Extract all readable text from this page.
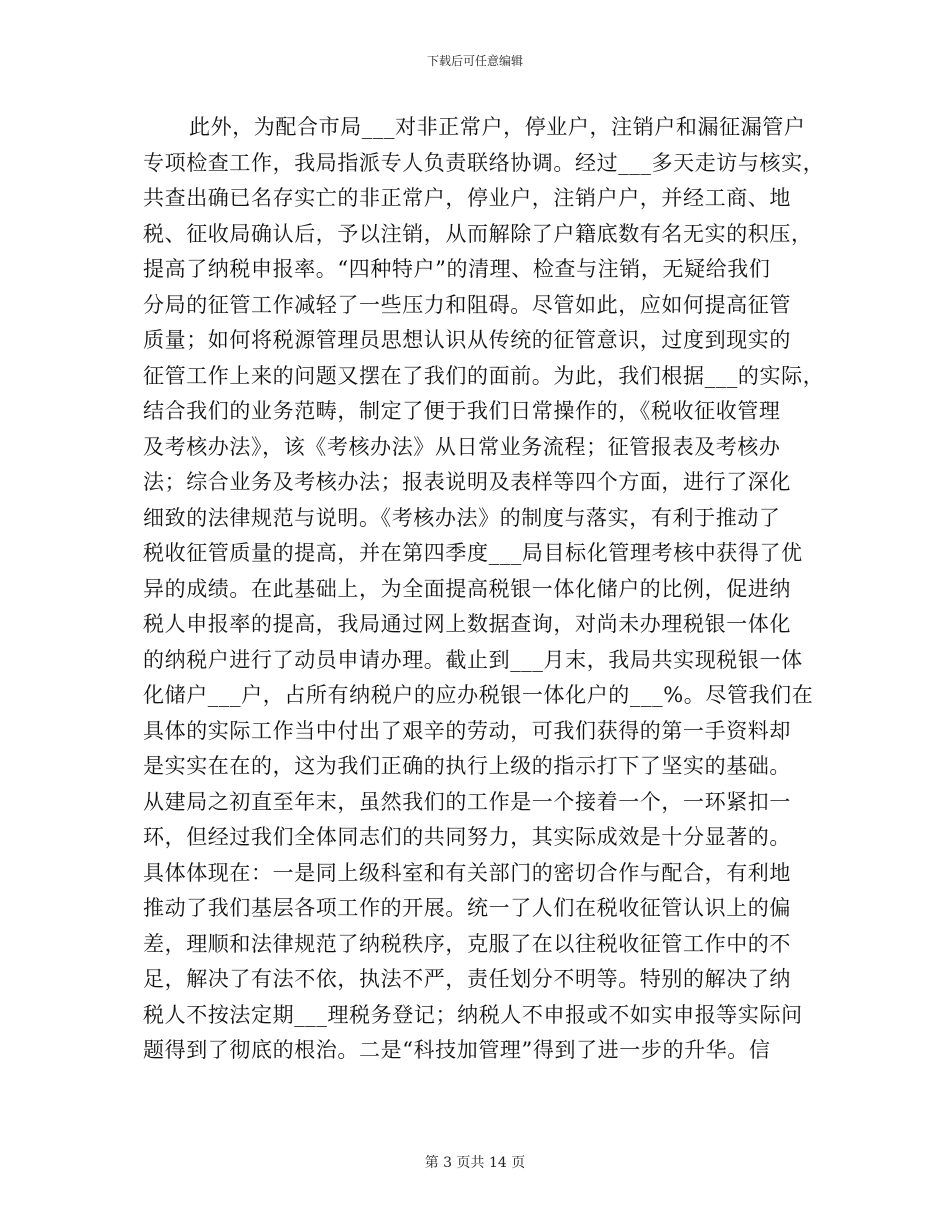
下载后可任意编辑
此外，为配合市局___对非正常户，停业户，注销户和漏征漏管户
专项检查工作，我局指派专人负责联络协调。经过___多天走访与核实，
共查出确已名存实亡的非正常户，停业户，注销户户，并经工商、地
税、征收局确认后，予以注销，从而解除了户籍底数有名无实的积压，
提高了纳税申报率。“四种特户”的清理、检查与注销，无疑给我们
分局的征管工作减轻了一些压力和阻碍。尽管如此，应如何提高征管
质量；如何将税源管理员思想认识从传统的征管意识，过度到现实的
征管工作上来的问题又摆在了我们的面前。为此，我们根据___的实际，
结合我们的业务范畴，制定了便于我们日常操作的，《税收征收管理
及考核办法》，该《考核办法》从日常业务流程；征管报表及考核办
法；综合业务及考核办法；报表说明及表样等四个方面，进行了深化
细致的法律规范与说明。《考核办法》的制度与落实，有利于推动了
税收征管质量的提高，并在第四季度___局目标化管理考核中获得了优
异的成绩。在此基础上，为全面提高税银一体化储户的比例，促进纳
税人申报率的提高，我局通过网上数据查询，对尚未办理税银一体化
的纳税户进行了动员申请办理。截止到___月末，我局共实现税银一体
化储户___户，占所有纳税户的应办税银一体化户的___%。尽管我们在
具体的实际工作当中付出了艰辛的劳动，可我们获得的第一手资料却
是实实在在的，这为我们正确的执行上级的指示打下了坚实的基础。
从建局之初直至年末，虽然我们的工作是一个接着一个，一环紧扣一
环，但经过我们全体同志们的共同努力，其实际成效是十分显著的。
具体体现在：一是同上级科室和有关部门的密切合作与配合，有利地
推动了我们基层各项工作的开展。统一了人们在税收征管认识上的偏
差，理顺和法律规范了纳税秩序，克服了在以往税收征管工作中的不
足，解决了有法不依，执法不严，责任划分不明等。特别的解决了纳
税人不按法定期___理税务登记；纳税人不申报或不如实申报等实际问
题得到了彻底的根治。二是“科技加管理”得到了进一步的升华。信
第 3 页共 14 页
